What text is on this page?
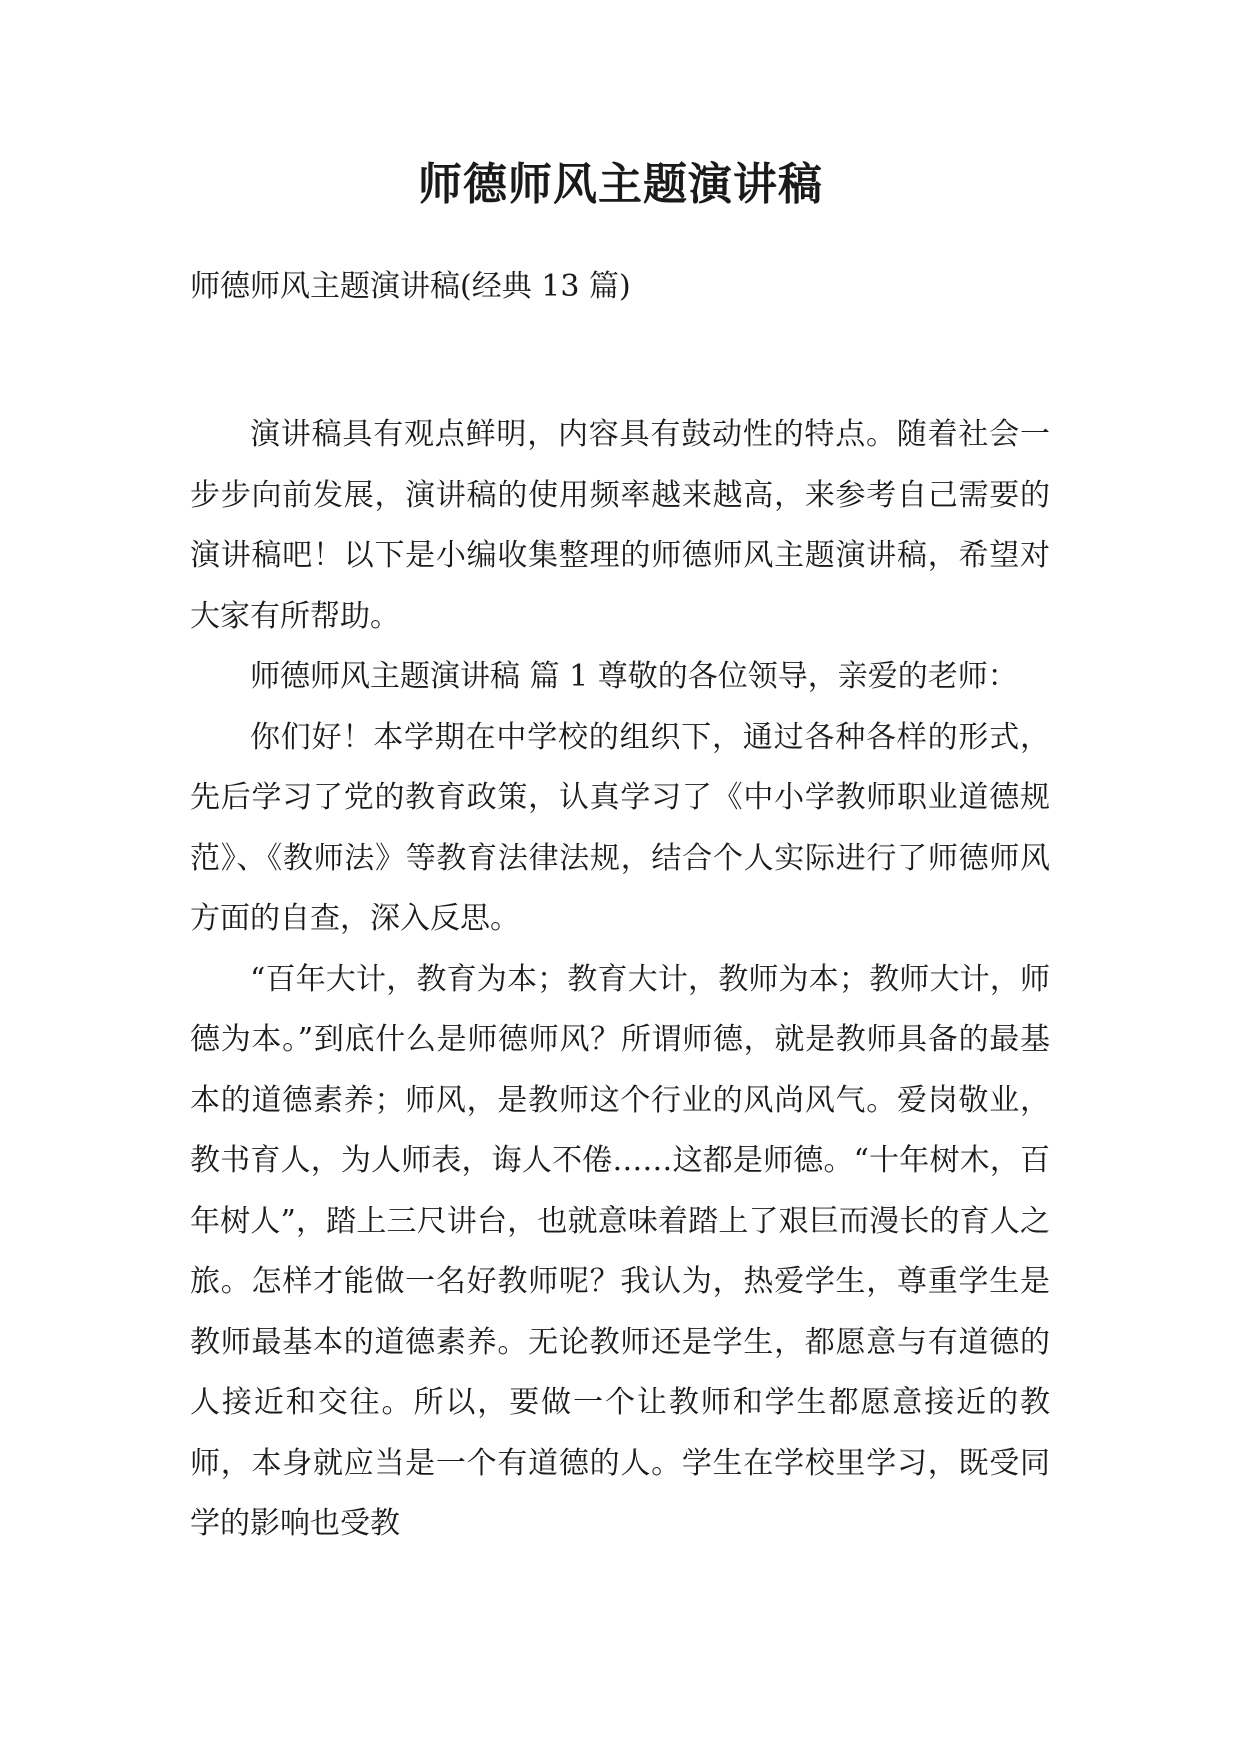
师德师风主题演讲稿
师德师风主题演讲稿(经典 13 篇)

演讲稿具有观点鲜明，内容具有鼓动性的特点。随着社会一步步向前发展，演讲稿的使用频率越来越高，来参考自己需要的演讲稿吧！以下是小编收集整理的师德师风主题演讲稿，希望对大家有所帮助。

师德师风主题演讲稿 篇 1 尊敬的各位领导，亲爱的老师：

你们好！本学期在中学校的组织下，通过各种各样的形式，先后学习了党的教育政策，认真学习了《中小学教师职业道德规范》、《教师法》等教育法律法规，结合个人实际进行了师德师风方面的自查，深入反思。

“百年大计，教育为本；教育大计，教师为本；教师大计，师德为本。”到底什么是师德师风？所谓师德，就是教师具备的最基本的道德素养；师风，是教师这个行业的风尚风气。爱岗敬业，教书育人，为人师表，诲人不倦……这都是师德。“十年树木，百年树人”，踏上三尺讲台，也就意味着踏上了艰巨而漫长的育人之旅。怎样才能做一名好教师呢？我认为，热爱学生，尊重学生是教师最基本的道德素养。无论教师还是学生，都愿意与有道德的人接近和交往。所以，要做一个让教师和学生都愿意接近的教师，本身就应当是一个有道德的人。学生在学校里学习，既受同学的影响也受教
